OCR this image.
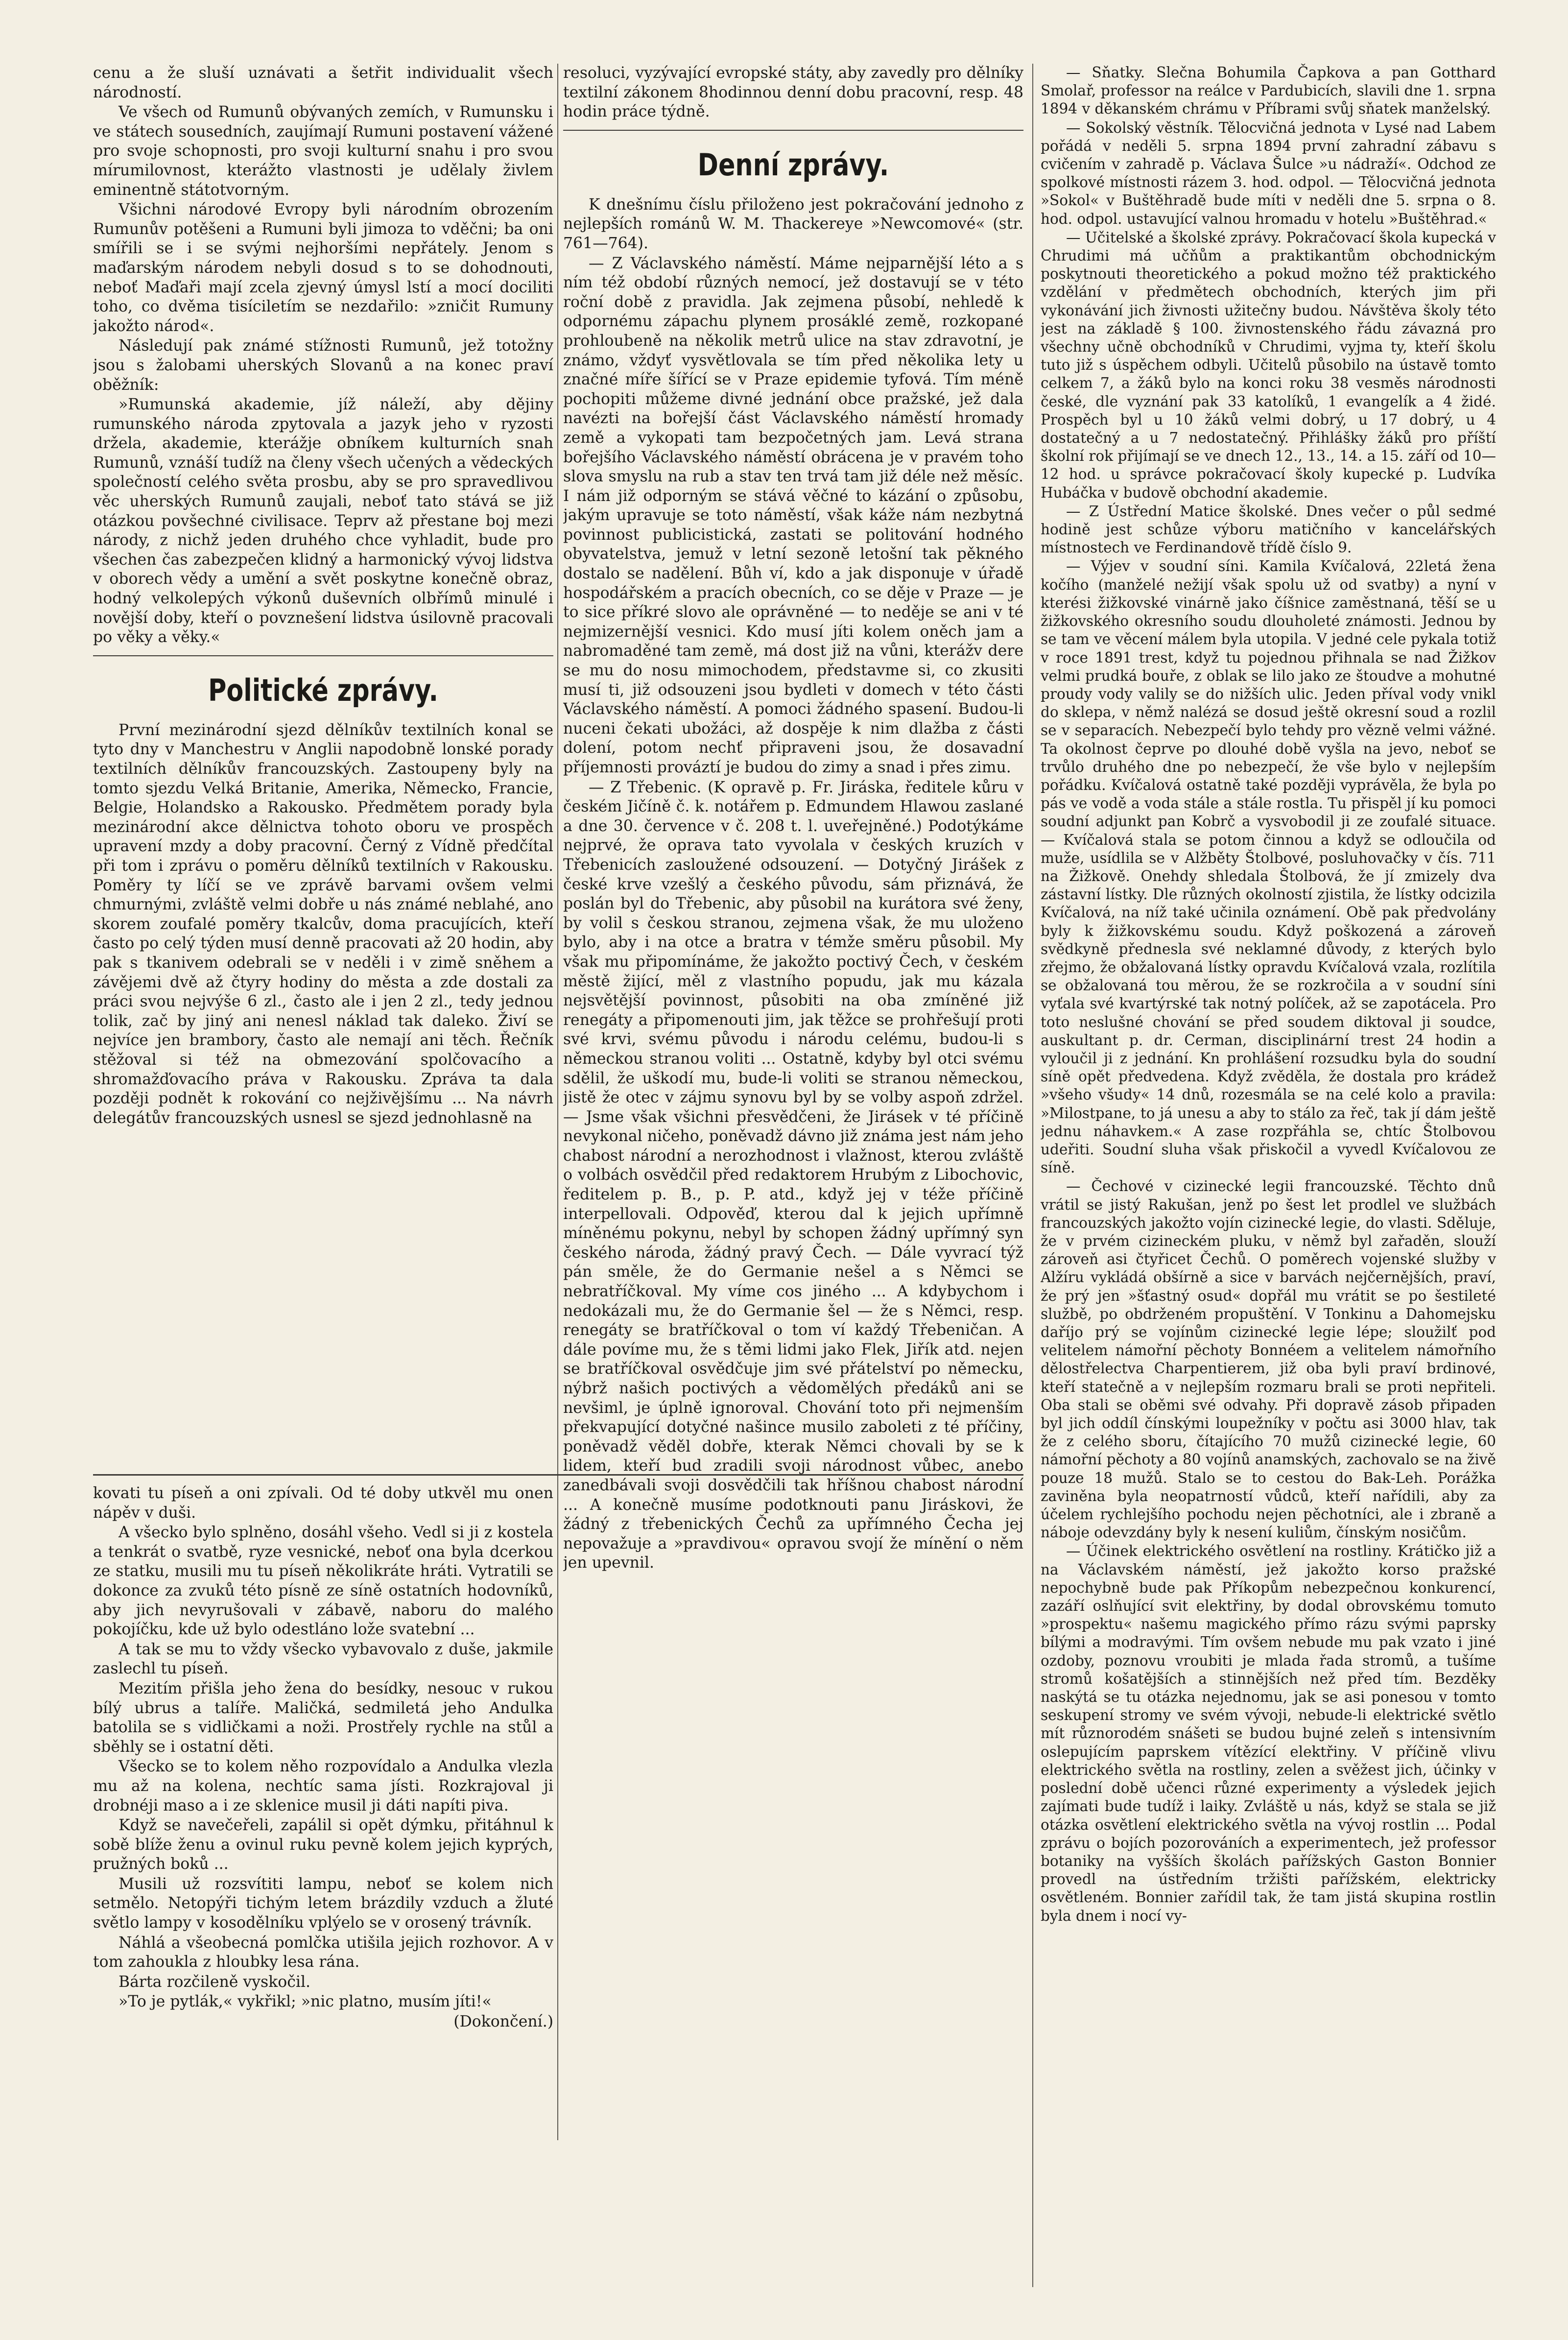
cenu a že sluší uznávati a šetřit individualit všech národností.

Ve všech od Rumunů obývaných zemích, v Rumunsku i ve státech sousedních, zaujímají Rumuni postavení vážené pro svoje schopnosti, pro svoji kulturní snahu i pro svou mírumilovnost, kterážto vlastnosti je udělaly živlem eminentně státotvorným.

Všichni národové Evropy byli národním obrozením Rumunův potěšeni a Rumuni byli jimoza to vděčni; ba oni smířili se i se svými nejhoršími nepřátely. Jenom s maďarským národem nebyli dosud s to se dohodnouti, neboť Maďaři mají zcela zjevný úmysl lstí a mocí dociliti toho, co dvěma tisíciletím se nezdařilo: »zničit Rumuny jakožto národ«.

Následují pak známé stížnosti Rumunů, jež totožny jsou s žalobami uherských Slovanů a na konec praví oběžník:

»Rumunská akademie, jíž náleží, aby dějiny rumunského národa zpytovala a jazyk jeho v ryzosti držela, akademie, kterážje obníkem kulturních snah Rumunů, vznáší tudíž na členy všech učených a vědeckých společností celého světa prosbu, aby se pro spravedlivou věc uherských Rumunů zaujali, neboť tato stává se již otázkou povšechné civilisace. Teprv až přestane boj mezi národy, z nichž jeden druhého chce vyhladit, bude pro všechen čas zabezpečen klidný a harmonický vývoj lidstva v oborech vědy a umění a svět poskytne konečně obraz, hodný velkolepých výkonů duševních olbřímů minulé i novější doby, kteří o povznešení lidstva úsilovně pracovali po věky a věky.«

Politické zprávy.

První mezinárodní sjezd dělníkův textilních konal se tyto dny v Manchestru v Anglii napodobně lonské porady textilních dělníkův francouzských. Zastoupeny byly na tomto sjezdu Velká Britanie, Amerika, Německo, Francie, Belgie, Holandsko a Rakousko. Předmětem porady byla mezinárodní akce dělnictva tohoto oboru ve prospěch upravení mzdy a doby pracovní. Černý z Vídně předčítal při tom i zprávu o poměru dělníků textilních v Rakousku. Poměry ty líčí se ve zprávě barvami ovšem velmi chmurnými, zvláště velmi dobře u nás známé neblahé, ano skorem zoufalé poměry tkalcův, doma pracujících, kteří často po celý týden musí denně pracovati až 20 hodin, aby pak s tkanivem odebrali se v neděli i v zimě sněhem a závějemi dvě až čtyry hodiny do města a zde dostali za práci svou nejvýše 6 zl., často ale i jen 2 zl., tedy jednou tolik, zač by jiný ani nenesl náklad tak daleko. Živí se nejvíce jen brambory, často ale nemají ani těch. Řečník stěžoval si též na obmezování spolčovacího a shromažďovacího práva v Rakousku. Zpráva ta dala později podnět k rokování co nejživějšímu ... Na návrh delegátův francouzských usnesl se sjezd jednohlasně na

kovati tu píseň a oni zpívali. Od té doby utkvěl mu onen nápěv v duši.

A všecko bylo splněno, dosáhl všeho. Vedl si ji z kostela a tenkrát o svatbě, ryze vesnické, neboť ona byla dcerkou ze statku, musili mu tu píseň několikráte hráti. Vytratili se dokonce za zvuků této písně ze síně ostatních hodovníků, aby jich nevyrušovali v zábavě, naboru do malého pokojíčku, kde už bylo odestláno lože svatební ...

A tak se mu to vždy všecko vybavovalo z duše, jakmile zaslechl tu píseň.

Mezitím přišla jeho žena do besídky, nesouc v rukou bílý ubrus a talíře. Maličká, sedmiletá jeho Andulka batolila se s vidličkami a noži. Prostřely rychle na stůl a sběhly se i ostatní děti.

Všecko se to kolem něho rozpovídalo a Andulka vlezla mu až na kolena, nechtíc sama jísti. Rozkrajoval ji drobnéji maso a i ze sklenice musil ji dáti napíti piva.

Když se navečeřeli, zapálil si opět dýmku, přitáhnul k sobě blíže ženu a ovinul ruku pevně kolem jejich kyprých, pružných boků ...

Musili už rozsvítiti lampu, neboť se kolem nich setmělo. Netopýři tichým letem brázdily vzduch a žluté světlo lampy v kosodělníku vplýelo se v orosený trávník.

Náhlá a všeobecná pomlčka utišila jejich rozhovor. A v tom zahoukla z hloubky lesa rána.

Bárta rozčileně vyskočil.

»To je pytlák,« vykřikl; »nic platno, musím jíti!«

(Dokončení.)

resoluci, vyzývající evropské státy, aby zavedly pro dělníky textilní zákonem 8hodinnou denní dobu pracovní, resp. 48 hodin práce týdně.

Denní zprávy.

K dnešnímu číslu přiloženo jest pokračování jednoho z nejlepších románů W. M. Thackereye »Newcomové« (str. 761—764).

— Z Václavského náměstí. Máme nejparnější léto a s ním též období různých nemocí, jež dostavují se v této roční době z pravidla. Jak zejmena působí, nehledě k odpornému zápachu plynem prosáklé země, rozkopané prohloubeně na několik metrů ulice na stav zdravotní, je známo, vždyť vysvětlovala se tím před několika lety u značné míře šířící se v Praze epidemie tyfová. Tím méně pochopiti můžeme divné jednání obce pražské, jež dala navézti na bořejší část Václavského náměstí hromady země a vykopati tam bezpočetných jam. Levá strana bořejšího Václavského náměstí obrácena je v pravém toho slova smyslu na rub a stav ten trvá tam již déle než měsíc. I nám již odporným se stává věčné to kázání o způsobu, jakým upravuje se toto náměstí, však káže nám nezbytná povinnost publicistická, zastati se politování hodného obyvatelstva, jemuž v letní sezoně letošní tak pěkného dostalo se nadělení. Bůh ví, kdo a jak disponuje v úřadě hospodářském a pracích obecních, co se děje v Praze — je to sice příkré slovo ale oprávněné — to neděje se ani v té nejmizernější vesnici. Kdo musí jíti kolem oněch jam a nabromaděné tam země, má dost již na vůni, kterážv dere se mu do nosu mimochodem, představme si, co zkusiti musí ti, již odsouzeni jsou bydleti v domech v této části Václavského náměstí. A pomoci žádného spasení. Budou-li nuceni čekati ubožáci, až dospěje k nim dlažba z části dolení, potom nechť připraveni jsou, že dosavadní příjemnosti prováztí je budou do zimy a snad i přes zimu.

— Z Třebenic. (K opravě p. Fr. Jiráska, ředitele kůru v českém Jičíně č. k. notářem p. Edmundem Hlawou zaslané a dne 30. července v č. 208 t. l. uveřejněné.) Podotýkáme nejprvé, že oprava tato vyvolala v českých kruzích v Třebenicích zasloužené odsouzení. — Dotyčný Jirášek z české krve vzešlý a českého původu, sám přiznává, že poslán byl do Třebenic, aby působil na kurátora své ženy, by volil s českou stranou, zejmena však, že mu uloženo bylo, aby i na otce a bratra v témže směru působil. My však mu připomínáme, že jakožto poctivý Čech, v českém městě žijící, měl z vlastního popudu, jak mu kázala nejsvětější povinnost, působiti na oba zmíněné již renegáty a připomenouti jim, jak těžce se prohřešují proti své krvi, svému původu i národu celému, budou-li s německou stranou voliti ... Ostatně, kdyby byl otci svému sdělil, že uškodí mu, bude-li voliti se stranou německou, jistě že otec v zájmu synovu byl by se volby aspoň zdržel. — Jsme však všichni přesvědčeni, že Jirásek v té příčině nevykonal ničeho, poněvadž dávno již známa jest nám jeho chabost národní a nerozhodnost i vlažnost, kterou zvláště o volbách osvědčil před redaktorem Hrubým z Libochovic, ředitelem p. B., p. P. atd., když jej v téže příčině interpellovali. Odpověď, kterou dal k jejich upřímně míněnému pokynu, nebyl by schopen žádný upřímný syn českého národa, žádný pravý Čech. — Dále vyvrací týž pán směle, že do Germanie nešel a s Němci se nebratříčkoval. My víme cos jiného ... A kdybychom i nedokázali mu, že do Germanie šel — že s Němci, resp. renegáty se bratříčkoval o tom ví každý Třebeničan. A dále povíme mu, že s těmi lidmi jako Flek, Jiřík atd. nejen se bratříčkoval osvědčuje jim své přátelství po německu, nýbrž našich poctivých a vědomělých předáků ani se nevšiml, je úplně ignoroval. Chování toto při nejmenším překvapující dotyčné našince musilo zaboleti z té příčiny, poněvadž věděl dobře, kterak Němci chovali by se k lidem, kteří bud zradili svoji národnost vůbec, anebo zanedbávali svoji dosvědčili tak hříšnou chabost národní ... A konečně musíme podotknouti panu Jiráskovi, že žádný z třebenických Čechů za upřímného Čecha jej nepovažuje a »pravdivou« opravou svojí že mínění o něm jen upevnil.

— Sňatky. Slečna Bohumila Čapkova a pan Gotthard Smolař, professor na reálce v Pardubicích, slavili dne 1. srpna 1894 v děkanském chrámu v Příbrami svůj sňatek manželský.

— Sokolský věstník. Tělocvičná jednota v Lysé nad Labem pořádá v neděli 5. srpna 1894 první zahradní zábavu s cvičením v zahradě p. Václava Šulce »u nádraží«. Odchod ze spolkové místnosti rázem 3. hod. odpol. — Tělocvičná jednota »Sokol« v Buštěhradě bude míti v neděli dne 5. srpna o 8. hod. odpol. ustavující valnou hromadu v hotelu »Buštěhrad.«

— Učitelské a školské zprávy. Pokračovací škola kupecká v Chrudimi má učňům a praktikantům obchodnickým poskytnouti theoretického a pokud možno též praktického vzdělání v předmětech obchodních, kterých jim při vykonávání jich živnosti užitečny budou. Návštěva školy této jest na základě § 100. živnostenského řádu závazná pro všechny učně obchodníků v Chrudimi, vyjma ty, kteří školu tuto již s úspěchem odbyli. Učitelů působilo na ústavě tomto celkem 7, a žáků bylo na konci roku 38 vesměs národnosti české, dle vyznání pak 33 katolíků, 1 evangelík a 4 židé. Prospěch byl u 10 žáků velmi dobrý, u 17 dobrý, u 4 dostatečný a u 7 nedostatečný. Přihlášky žáků pro příští školní rok přijímají se ve dnech 12., 13., 14. a 15. září od 10—12 hod. u správce pokračovací školy kupecké p. Ludvíka Hubáčka v budově obchodní akademie.

— Z Ústřední Matice školské. Dnes večer o půl sedmé hodině jest schůze výboru matičního v kancelářských místnostech ve Ferdinandově třídě číslo 9.

— Výjev v soudní síni. Kamila Kvíčalová, 22letá žena kočího (manželé nežijí však spolu už od svatby) a nyní v kterési žižkovské vinárně jako číšnice zaměstnaná, těší se u žižkovského okresního soudu dlouholeté známosti. Jednou by se tam ve věcení málem byla utopila. V jedné cele pykala totiž v roce 1891 trest, když tu pojednou přihnala se nad Žižkov velmi prudká bouře, z oblak se lilo jako ze štoudve a mohutné proudy vody valily se do nižších ulic. Jeden příval vody vnikl do sklepa, v němž nalézá se dosud ještě okresní soud a rozlil se v separacích. Nebezpečí bylo tehdy pro vězně velmi vážné. Ta okolnost čeprve po dlouhé době vyšla na jevo, neboť se trvůlo druhého dne po nebezpečí, že vše bylo v nejlepším pořádku. Kvíčalová ostatně také později vyprávěla, že byla po pás ve vodě a voda stále a stále rostla. Tu přispěl jí ku pomoci soudní adjunkt pan Kobrč a vysvobodil ji ze zoufalé situace. — Kvíčalová stala se potom činnou a když se odloučila od muže, usídlila se v Alžběty Štolbové, posluhovačky v čís. 711 na Žižkově. Onehdy shledala Štolbová, že jí zmizely dva zástavní lístky. Dle různých okolností zjistila, že lístky odcizila Kvíčalová, na níž také učinila oznámení. Obě pak předvolány byly k žižkovskému soudu. Když poškozená a zároveň svědkyně přednesla své neklamné důvody, z kterých bylo zřejmo, že obžalovaná lístky opravdu Kvíčalová vzala, rozlítila se obžalovaná tou měrou, že se rozkročila a v soudní síni vyťala své kvartýrské tak notný políček, až se zapotácela. Pro toto neslušné chování se před soudem diktoval ji soudce, auskultant p. dr. Cerman, disciplinární trest 24 hodin a vyloučil ji z jednání. Kn prohlášení rozsudku byla do soudní síně opět předvedena. Když zvěděla, že dostala pro krádež »všeho všudy« 14 dnů, rozesmála se na celé kolo a pravila: »Milostpane, to já unesu a aby to stálo za řeč, tak jí dám ještě jednu náhavkem.« A zase rozpřáhla se, chtíc Štolbovou udeřiti. Soudní sluha však přiskočil a vyvedl Kvíčalovou ze síně.

— Čechové v cizinecké legii francouzské. Těchto dnů vrátil se jistý Rakušan, jenž po šest let prodlel ve službách francouzských jakožto vojín cizinecké legie, do vlasti. Sděluje, že v prvém cizineckém pluku, v němž byl zařaděn, slouží zároveň asi čtyřicet Čechů. O poměrech vojenské služby v Alžíru vykládá obšírně a sice v barvách nejčernějších, praví, že prý jen »šťastný osud« dopřál mu vrátit se po šestileté službě, po obdrženém propuštění. V Tonkinu a Dahomejsku daříjo prý se vojínům cizinecké legie lépe; sloužilť pod velitelem námořní pěchoty Bonnéem a velitelem námořního dělostřelectva Charpentierem, již oba byli praví brdinové, kteří statečně a v nejlepším rozmaru brali se proti nepřiteli. Oba stali se oběmi své odvahy. Při dopravě zásob připaden byl jich oddíl čínskými loupežníky v počtu asi 3000 hlav, tak že z celého sboru, čítajícího 70 mužů cizinecké legie, 60 námořní pěchoty a 80 vojínů anamských, zachovalo se na živě pouze 18 mužů. Stalo se to cestou do Bak-Leh. Porážka zaviněna byla neopatrností vůdců, kteří nařídili, aby za účelem rychlejšího pochodu nejen pěchotníci, ale i zbraně a náboje odevzdány byly k nesení kuliům, čínským nosičům.

— Účinek elektrického osvětlení na rostliny. Krátičko již a na Václavském náměstí, jež jakožto korso pražské nepochybně bude pak Příkopům nebezpečnou konkurencí, zazáří oslňující svit elektřiny, by dodal obrovskému tomuto »prospektu« našemu magického přímo rázu svými paprsky bílými a modravými. Tím ovšem nebude mu pak vzato i jiné ozdoby, poznovu vroubiti je mlada řada stromů, a tušíme stromů košatějších a stinnějších než před tím. Bezděky naskýtá se tu otázka nejednomu, jak se asi ponesou v tomto seskupení stromy ve svém vývoji, nebude-li elektrické světlo mít různorodém snášeti se budou bujné zeleň s intensivním oslepujícím paprskem vítězící elektřiny. V příčině vlivu elektrického světla na rostliny, zelen a svěžest jich, účinky v poslední době učenci různé experimenty a výsledek jejich zajímati bude tudíž i laiky. Zvláště u nás, když se stala se již otázka osvětlení elektrického světla na vývoj rostlin ... Podal zprávu o bojích pozorováních a experimentech, jež professor botaniky na vyšších školách pařížských Gaston Bonnier provedl na ústředním tržišti pařížském, elektricky osvětleném. Bonnier zařídil tak, že tam jistá skupina rostlin byla dnem i nocí vy-
